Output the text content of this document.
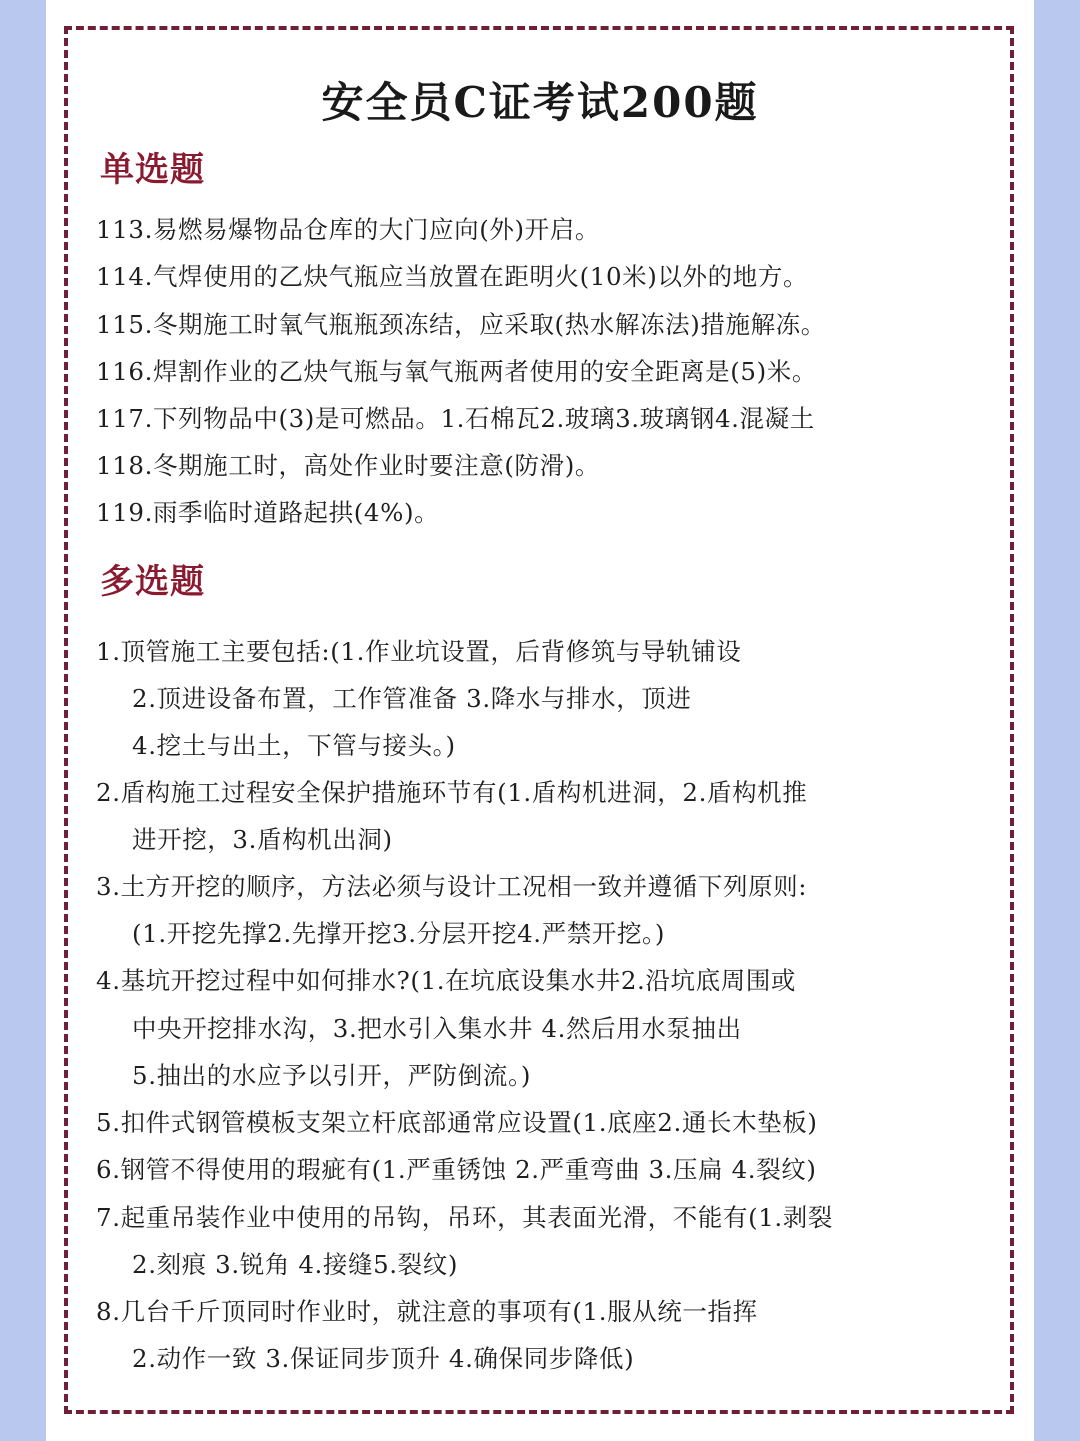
安全员C证考试200题
单选题

113.易燃易爆物品仓库的大门应向(外)开启。

114.气焊使用的乙炔气瓶应当放置在距明火(10米)以外的地方。

115.冬期施工时氧气瓶瓶颈冻结，应采取(热水解冻法)措施解冻。

116.焊割作业的乙炔气瓶与氧气瓶两者使用的安全距离是(5)米。

117.下列物品中(3)是可燃品。1.石棉瓦2.玻璃3.玻璃钢4.混凝土

118.冬期施工时，高处作业时要注意(防滑)。

119.雨季临时道路起拱(4%)。

多选题

1.顶管施工主要包括:(1.作业坑设置，后背修筑与导轨铺设

2.顶进设备布置，工作管准备 3.降水与排水，顶进

4.挖土与出土，下管与接头。)

2.盾构施工过程安全保护措施环节有(1.盾构机进洞，2.盾构机推

进开挖，3.盾构机出洞)

3.土方开挖的顺序，方法必须与设计工况相一致并遵循下列原则:

(1.开挖先撑2.先撑开挖3.分层开挖4.严禁开挖。)

4.基坑开挖过程中如何排水?(1.在坑底设集水井2.沿坑底周围或

中央开挖排水沟，3.把水引入集水井 4.然后用水泵抽出

5.抽出的水应予以引开，严防倒流。)

5.扣件式钢管模板支架立杆底部通常应设置(1.底座2.通长木垫板)

6.钢管不得使用的瑕疵有(1.严重锈蚀 2.严重弯曲 3.压扁 4.裂纹)

7.起重吊装作业中使用的吊钩，吊环，其表面光滑，不能有(1.剥裂

2.刻痕 3.锐角 4.接缝5.裂纹)

8.几台千斤顶同时作业时，就注意的事项有(1.服从统一指挥

2.动作一致 3.保证同步顶升 4.确保同步降低)
